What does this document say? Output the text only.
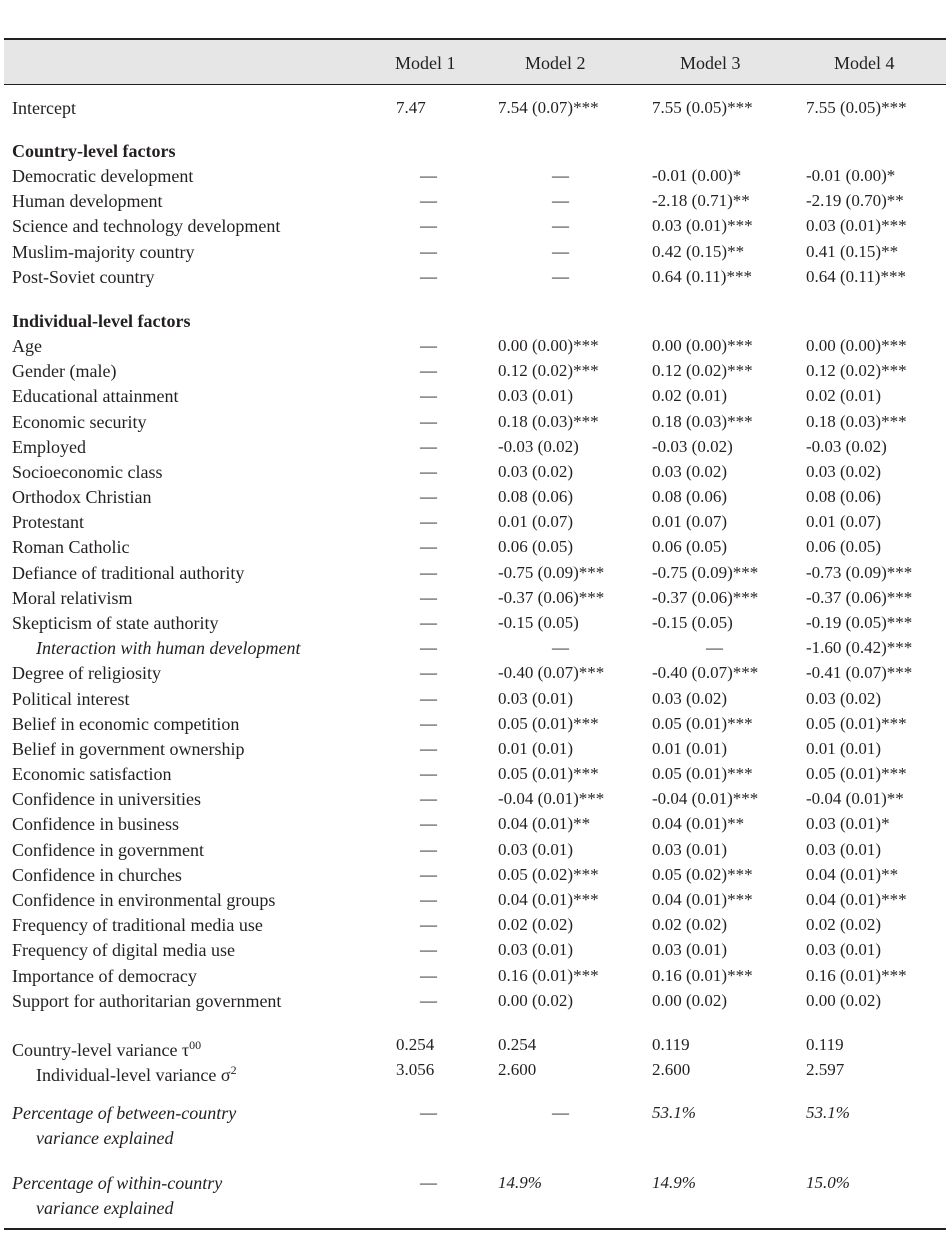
Model 1	Model 2	Model 3	Model 4
Intercept	7.47	7.54 (0.07)***	7.55 (0.05)***	7.55 (0.05)***
Country-level factors
Democratic development	—	—	-0.01 (0.00)*	-0.01 (0.00)*
Human development	—	—	-2.18 (0.71)**	-2.19 (0.70)**
Science and technology development	—	—	0.03 (0.01)***	0.03 (0.01)***
Muslim-majority country	—	—	0.42 (0.15)**	0.41 (0.15)**
Post-Soviet country	—	—	0.64 (0.11)***	0.64 (0.11)***
Individual-level factors
Age	—	0.00 (0.00)***	0.00 (0.00)***	0.00 (0.00)***
Gender (male)	—	0.12 (0.02)***	0.12 (0.02)***	0.12 (0.02)***
Educational attainment	—	0.03 (0.01)	0.02 (0.01)	0.02 (0.01)
Economic security	—	0.18 (0.03)***	0.18 (0.03)***	0.18 (0.03)***
Employed	—	-0.03 (0.02)	-0.03 (0.02)	-0.03 (0.02)
Socioeconomic class	—	0.03 (0.02)	0.03 (0.02)	0.03 (0.02)
Orthodox Christian	—	0.08 (0.06)	0.08 (0.06)	0.08 (0.06)
Protestant	—	0.01 (0.07)	0.01 (0.07)	0.01 (0.07)
Roman Catholic	—	0.06 (0.05)	0.06 (0.05)	0.06 (0.05)
Defiance of traditional authority	—	-0.75 (0.09)***	-0.75 (0.09)***	-0.73 (0.09)***
Moral relativism	—	-0.37 (0.06)***	-0.37 (0.06)***	-0.37 (0.06)***
Skepticism of state authority	—	-0.15 (0.05)	-0.15 (0.05)	-0.19 (0.05)***
Interaction with human development	—	—	—	-1.60 (0.42)***
Degree of religiosity	—	-0.40 (0.07)***	-0.40 (0.07)***	-0.41 (0.07)***
Political interest	—	0.03 (0.01)	0.03 (0.02)	0.03 (0.02)
Belief in economic competition	—	0.05 (0.01)***	0.05 (0.01)***	0.05 (0.01)***
Belief in government ownership	—	0.01 (0.01)	0.01 (0.01)	0.01 (0.01)
Economic satisfaction	—	0.05 (0.01)***	0.05 (0.01)***	0.05 (0.01)***
Confidence in universities	—	-0.04 (0.01)***	-0.04 (0.01)***	-0.04 (0.01)**
Confidence in business	—	0.04 (0.01)**	0.04 (0.01)**	0.03 (0.01)*
Confidence in government	—	0.03 (0.01)	0.03 (0.01)	0.03 (0.01)
Confidence in churches	—	0.05 (0.02)***	0.05 (0.02)***	0.04 (0.01)**
Confidence in environmental groups	—	0.04 (0.01)***	0.04 (0.01)***	0.04 (0.01)***
Frequency of traditional media use	—	0.02 (0.02)	0.02 (0.02)	0.02 (0.02)
Frequency of digital media use	—	0.03 (0.01)	0.03 (0.01)	0.03 (0.01)
Importance of democracy	—	0.16 (0.01)***	0.16 (0.01)***	0.16 (0.01)***
Support for authoritarian government	—	0.00 (0.02)	0.00 (0.02)	0.00 (0.02)
Country-level variance $\tau^{00}$	0.254	0.254	0.119	0.119
Individual-level variance $\sigma^2$	3.056	2.600	2.600	2.597
Percentage of between-country
variance explained
—	—	53.1%	53.1%
Percentage of within-country
variance explained
—	14.9%	14.9%	15.0%
